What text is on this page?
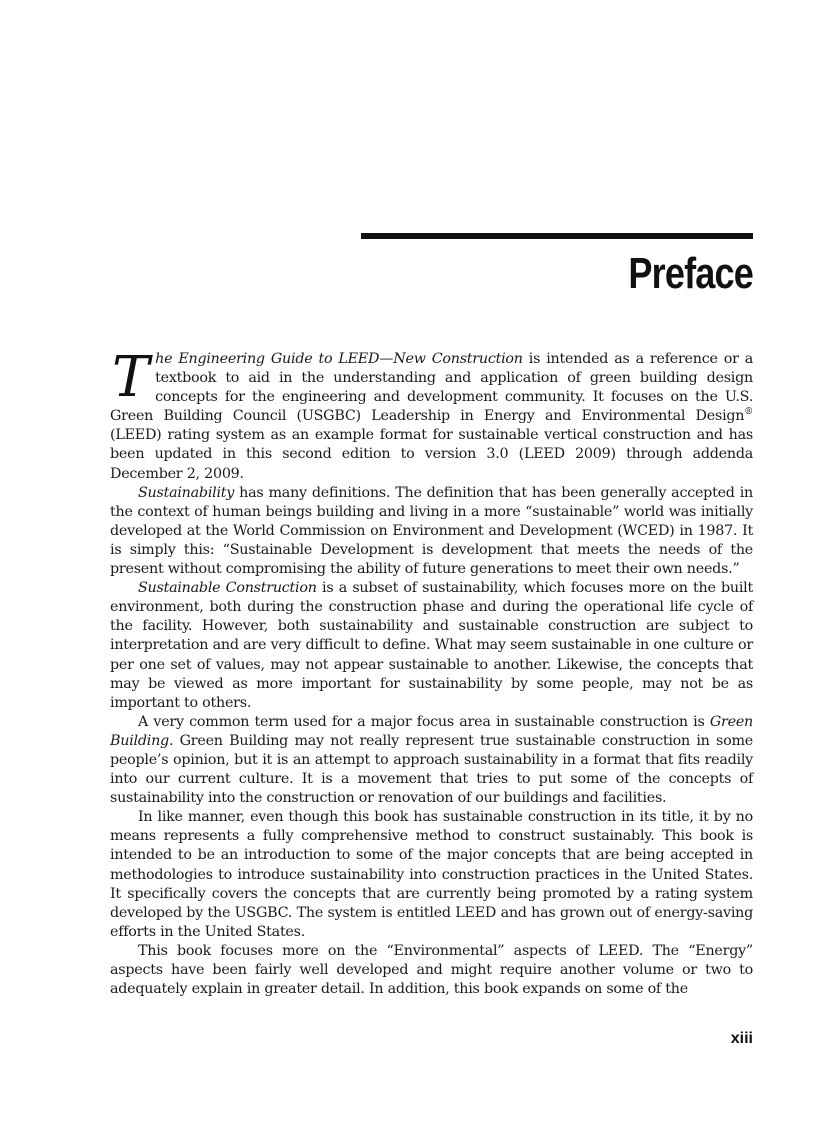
Preface

The Engineering Guide to LEED—New Construction is intended as a reference or a textbook to aid in the understanding and application of green building design concepts for the engineering and development community. It focuses on the U.S. Green Building Council (USGBC) Leadership in Energy and Environmental Design® (LEED) rating system as an example format for sustainable vertical construction and has been updated in this second edition to version 3.0 (LEED 2009) through addenda December 2, 2009.

Sustainability has many definitions. The definition that has been generally accepted in the context of human beings building and living in a more “sustainable” world was initially developed at the World Commission on Environment and Development (WCED) in 1987. It is simply this: “Sustainable Development is development that meets the needs of the present without compromising the ability of future generations to meet their own needs.”

Sustainable Construction is a subset of sustainability, which focuses more on the built environment, both during the construction phase and during the operational life cycle of the facility. However, both sustainability and sustainable construction are subject to interpretation and are very difficult to define. What may seem sustainable in one culture or per one set of values, may not appear sustainable to another. Likewise, the concepts that may be viewed as more important for sustainability by some people, may not be as important to others.

A very common term used for a major focus area in sustainable construction is Green Building. Green Building may not really represent true sustainable construction in some people’s opinion, but it is an attempt to approach sustainability in a format that fits readily into our current culture. It is a movement that tries to put some of the concepts of sustainability into the construction or renovation of our buildings and facilities.

In like manner, even though this book has sustainable construction in its title, it by no means represents a fully comprehensive method to construct sustainably. This book is intended to be an introduction to some of the major concepts that are being accepted in methodologies to introduce sustainability into construction practices in the United States. It specifically covers the concepts that are currently being promoted by a rating system developed by the USGBC. The system is entitled LEED and has grown out of energy-saving efforts in the United States.

This book focuses more on the “Environmental” aspects of LEED. The “Energy” aspects have been fairly well developed and might require another volume or two to adequately explain in greater detail. In addition, this book expands on some of the

xiii
